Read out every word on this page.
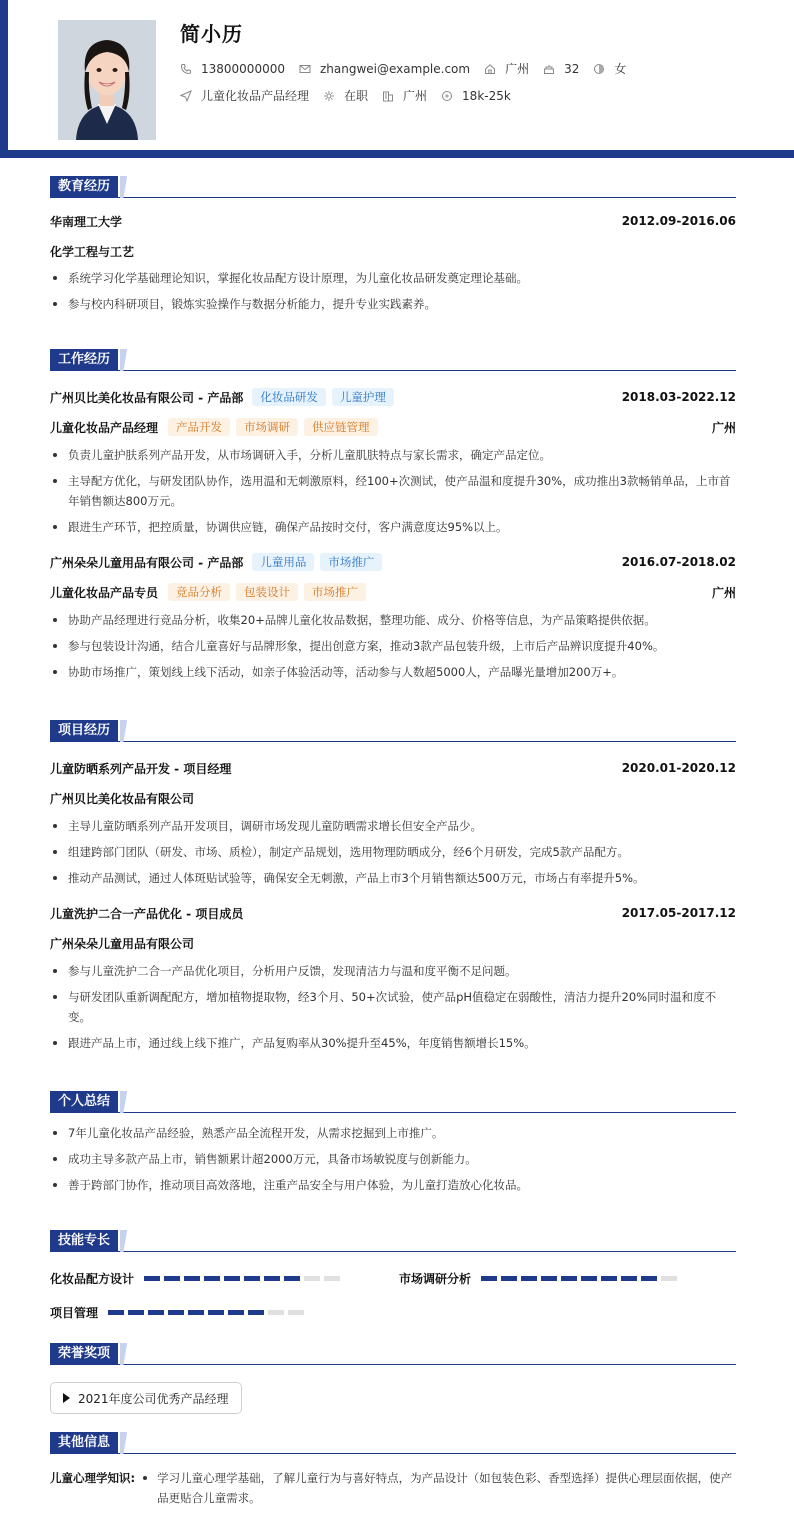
简小历
13800000000	zhangwei@example.com	广州	32	女
儿童化妆品产品经理	在职	广州	18k-25k
教育经历
华南理工大学	2012.09-2016.06
化学工程与工艺
系统学习化学基础理论知识，掌握化妆品配方设计原理，为儿童化妆品研发奠定理论基础。
参与校内科研项目，锻炼实验操作与数据分析能力，提升专业实践素养。
工作经历
广州贝比美化妆品有限公司 - 产品部	化妆品研发	儿童护理	2018.03-2022.12
儿童化妆品产品经理	产品开发	市场调研	供应链管理	广州
负责儿童护肤系列产品开发，从市场调研入手，分析儿童肌肤特点与家长需求，确定产品定位。
主导配方优化，与研发团队协作，选用温和无刺激原料，经100+次测试，使产品温和度提升30%，成功推出3款畅销单品，上市首年销售额达800万元。
跟进生产环节，把控质量，协调供应链，确保产品按时交付，客户满意度达95%以上。
广州朵朵儿童用品有限公司 - 产品部	儿童用品	市场推广	2016.07-2018.02
儿童化妆品产品专员	竞品分析	包装设计	市场推广	广州
协助产品经理进行竞品分析，收集20+品牌儿童化妆品数据，整理功能、成分、价格等信息，为产品策略提供依据。
参与包装设计沟通，结合儿童喜好与品牌形象，提出创意方案，推动3款产品包装升级，上市后产品辨识度提升40%。
协助市场推广，策划线上线下活动，如亲子体验活动等，活动参与人数超5000人，产品曝光量增加200万+。
项目经历
儿童防晒系列产品开发 - 项目经理	2020.01-2020.12
广州贝比美化妆品有限公司
主导儿童防晒系列产品开发项目，调研市场发现儿童防晒需求增长但安全产品少。
组建跨部门团队（研发、市场、质检），制定产品规划，选用物理防晒成分，经6个月研发，完成5款产品配方。
推动产品测试，通过人体斑贴试验等，确保安全无刺激，产品上市3个月销售额达500万元，市场占有率提升5%。
儿童洗护二合一产品优化 - 项目成员	2017.05-2017.12
广州朵朵儿童用品有限公司
参与儿童洗护二合一产品优化项目，分析用户反馈，发现清洁力与温和度平衡不足问题。
与研发团队重新调配配方，增加植物提取物，经3个月、50+次试验，使产品pH值稳定在弱酸性，清洁力提升20%同时温和度不变。
跟进产品上市，通过线上线下推广，产品复购率从30%提升至45%，年度销售额增长15%。
个人总结
7年儿童化妆品产品经验，熟悉产品全流程开发，从需求挖掘到上市推广。
成功主导多款产品上市，销售额累计超2000万元，具备市场敏锐度与创新能力。
善于跨部门协作，推动项目高效落地，注重产品安全与用户体验，为儿童打造放心化妆品。
技能专长
化妆品配方设计	市场调研分析
项目管理
荣誉奖项
2021年度公司优秀产品经理
其他信息
儿童心理学知识:	学习儿童心理学基础，了解儿童行为与喜好特点，为产品设计（如包装色彩、香型选择）提供心理层面依据，使产品更贴合儿童需求。
